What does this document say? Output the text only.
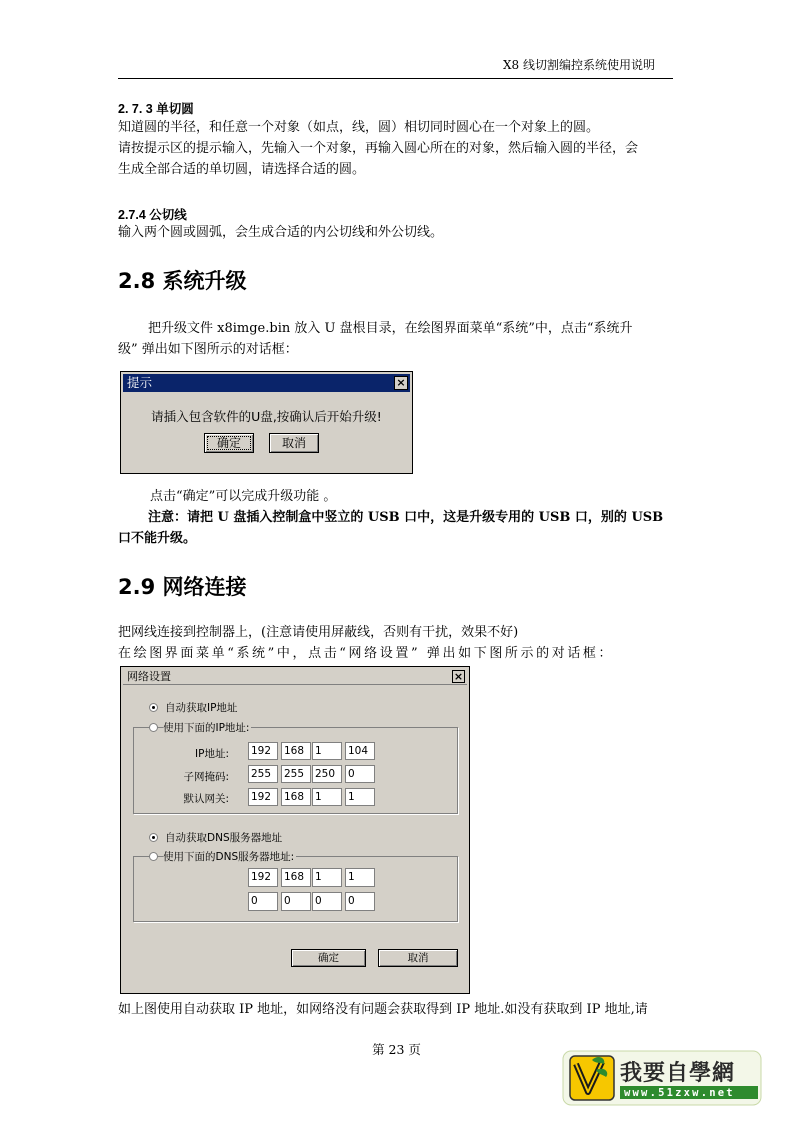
X8 线切割编控系统使用说明
2. 7. 3 单切圆
知道圆的半径，和任意一个对象（如点，线，圆）相切同时圆心在一个对象上的圆。
请按提示区的提示输入，先输入一个对象，再输入圆心所在的对象，然后输入圆的半径，会
生成全部合适的单切圆，请选择合适的圆。
2.7.4 公切线
输入两个圆或圆弧，会生成合适的内公切线和外公切线。
2.8 系统升级
把升级文件 x8imge.bin 放入 U 盘根目录，在绘图界面菜单“系统”中，点击“系统升
级” 弹出如下图所示的对话框：
提示	×
请插入包含软件的U盘,按确认后开始升级!
确定	取消
点击“确定”可以完成升级功能 。
注意：请把 U 盘插入控制盒中竖立的 USB 口中，这是升级专用的 USB 口，别的 USB
口不能升级。
2.9 网络连接
把网线连接到控制器上，(注意请使用屏蔽线，否则有干扰，效果不好)
在绘图界面菜单“系统”中，点击“网络设置” 弹出如下图所示的对话框：
网络设置	×
自动获取IP地址
使用下面的IP地址:
IP地址: 192	168	1	104
子网掩码: 255	255	250	0
默认网关: 192	168	1	1
自动获取DNS服务器地址
使用下面的DNS服务器地址:
192	168	1	1
0	0	0	0
确定	取消
如上图使用自动获取 IP 地址，如网络没有问题会获取得到 IP 地址.如没有获取到 IP 地址,请
第 23 页
我要自學網
www.51zxw.net
